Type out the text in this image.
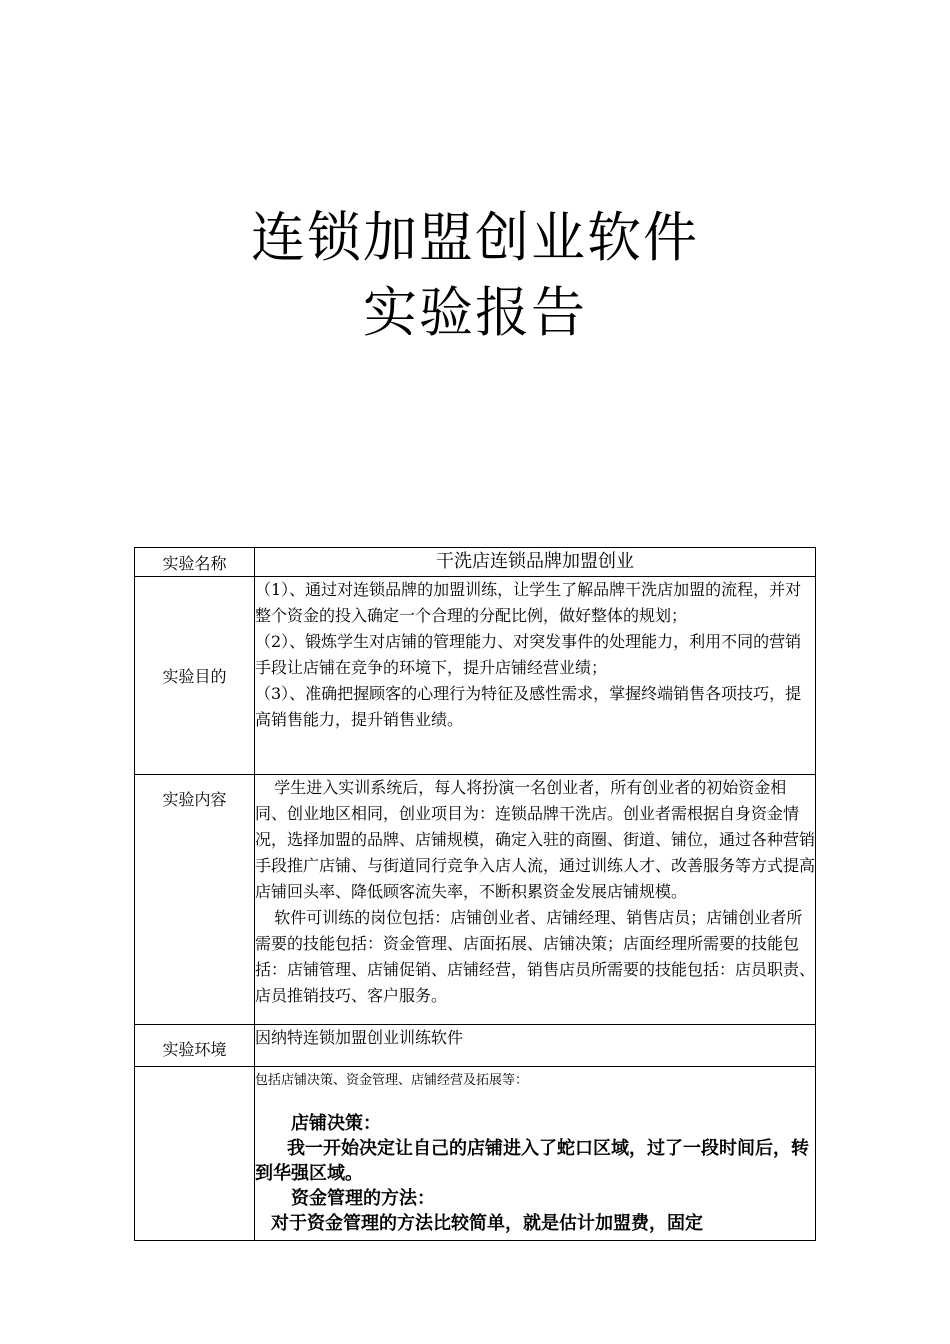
连锁加盟创业软件
实验报告
实验名称	干洗店连锁品牌加盟创业
实验目的	（1）、通过对连锁品牌的加盟训练，让学生了解品牌干洗店加盟的流程，并对整个资金的投入确定一个合理的分配比例，做好整体的规划；

（2）、锻炼学生对店铺的管理能力、对突发事件的处理能力，利用不同的营销手段让店铺在竞争的环境下，提升店铺经营业绩；

（3）、准确把握顾客的心理行为特征及感性需求，掌握终端销售各项技巧，提高销售能力，提升销售业绩。

实验内容	学生进入实训系统后，每人将扮演一名创业者，所有创业者的初始资金相同、创业地区相同，创业项目为：连锁品牌干洗店。创业者需根据自身资金情况，选择加盟的品牌、店铺规模，确定入驻的商圈、街道、铺位，通过各种营销手段推广店铺、与街道同行竞争入店人流，通过训练人才、改善服务等方式提高店铺回头率、降低顾客流失率，不断积累资金发展店铺规模。

软件可训练的岗位包括：店铺创业者、店铺经理、销售店员；店铺创业者所需要的技能包括：资金管理、店面拓展、店铺决策；店面经理所需要的技能包括：店铺管理、店铺促销、店铺经营，销售店员所需要的技能包括：店员职责、店员推销技巧、客户服务。

实验环境	因纳特连锁加盟创业训练软件

	包括店铺决策、资金管理、店铺经营及拓展等：

店铺决策：

我一开始决定让自己的店铺进入了蛇口区域，过了一段时间后，转到华强区域。

资金管理的方法：

对于资金管理的方法比较简单，就是估计加盟费，固定
